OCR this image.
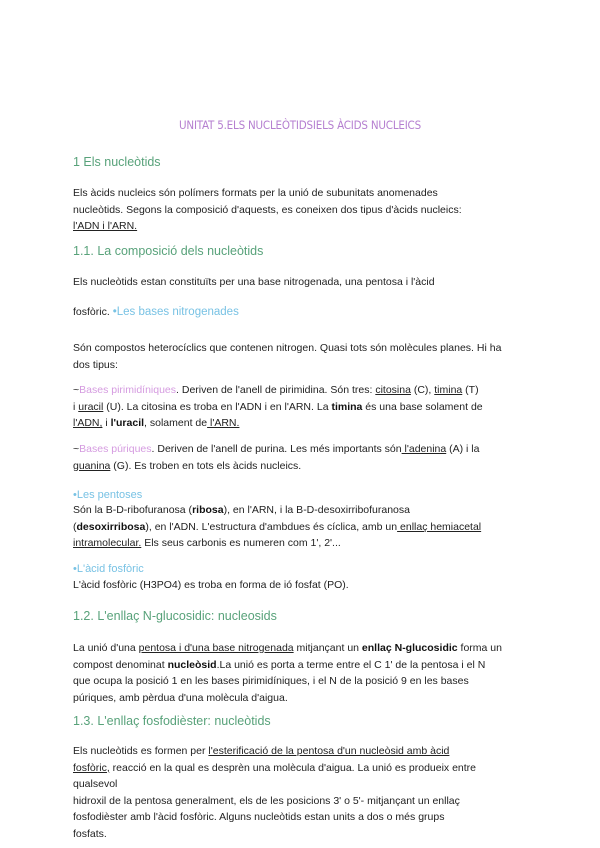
UNITAT 5.ELS NUCLEÒTIDSIELS ÀCIDS NUCLEICS

1 Els nucleòtids

Els àcids nucleics són polímers formats per la unió de subunitats anomenades
nucleòtids. Segons la composició d'aquests, es coneixen dos tipus d'àcids nucleics:
l'ADN i l'ARN.

1.1. La composició dels nucleòtids

Els nucleòtids estan constituïts per una base nitrogenada, una pentosa i l'àcid

fosfòric. •Les bases nitrogenades

Són compostos heterocíclics que contenen nitrogen. Quasi tots són molècules planes. Hi ha
dos tipus:

~Bases pirimidíniques. Deriven de l'anell de pirimidina. Són tres: citosina (C), timina (T)
i uracil (U). La citosina es troba en l'ADN i en l'ARN. La timina és una base solament de
l'ADN, i l'uracil, solament de l'ARN.

~Bases púriques. Deriven de l'anell de purina. Les més importants són l'adenina (A) i la
guanina (G). Es troben en tots els àcids nucleics.

•Les pentoses

Són la B-D-ribofuranosa (ribosa), en l'ARN, i la B-D-desoxirribofuranosa
(desoxirribosa), en l'ADN. L'estructura d'ambdues és cíclica, amb un enllaç hemiacetal
intramolecular. Els seus carbonis es numeren com 1', 2'...

•L'àcid fosfòric

L'àcid fosfòric (H3PO4) es troba en forma de ió fosfat (PO).

1.2. L'enllaç N-glucosidic: nucleosids

La unió d'una pentosa i d'una base nitrogenada mitjançant un enllaç N-glucosidic forma un
compost denominat nucleòsid.La unió es porta a terme entre el C 1' de la pentosa i el N
que ocupa la posició 1 en les bases pirimidíniques, i el N de la posició 9 en les bases
púriques, amb pèrdua d'una molècula d'aigua.

1.3. L'enllaç fosfodièster: nucleòtids

Els nucleòtids es formen per l'esterificació de la pentosa d'un nucleòsid amb àcid
fosfòric, reacció en la qual es desprèn una molècula d'aigua. La unió es produeix entre
qualsevol
hidroxil de la pentosa generalment, els de les posicions 3' o 5'- mitjançant un enllaç
fosfodièster amb l'àcid fosfòric. Alguns nucleòtids estan units a dos o més grups
fosfats.
